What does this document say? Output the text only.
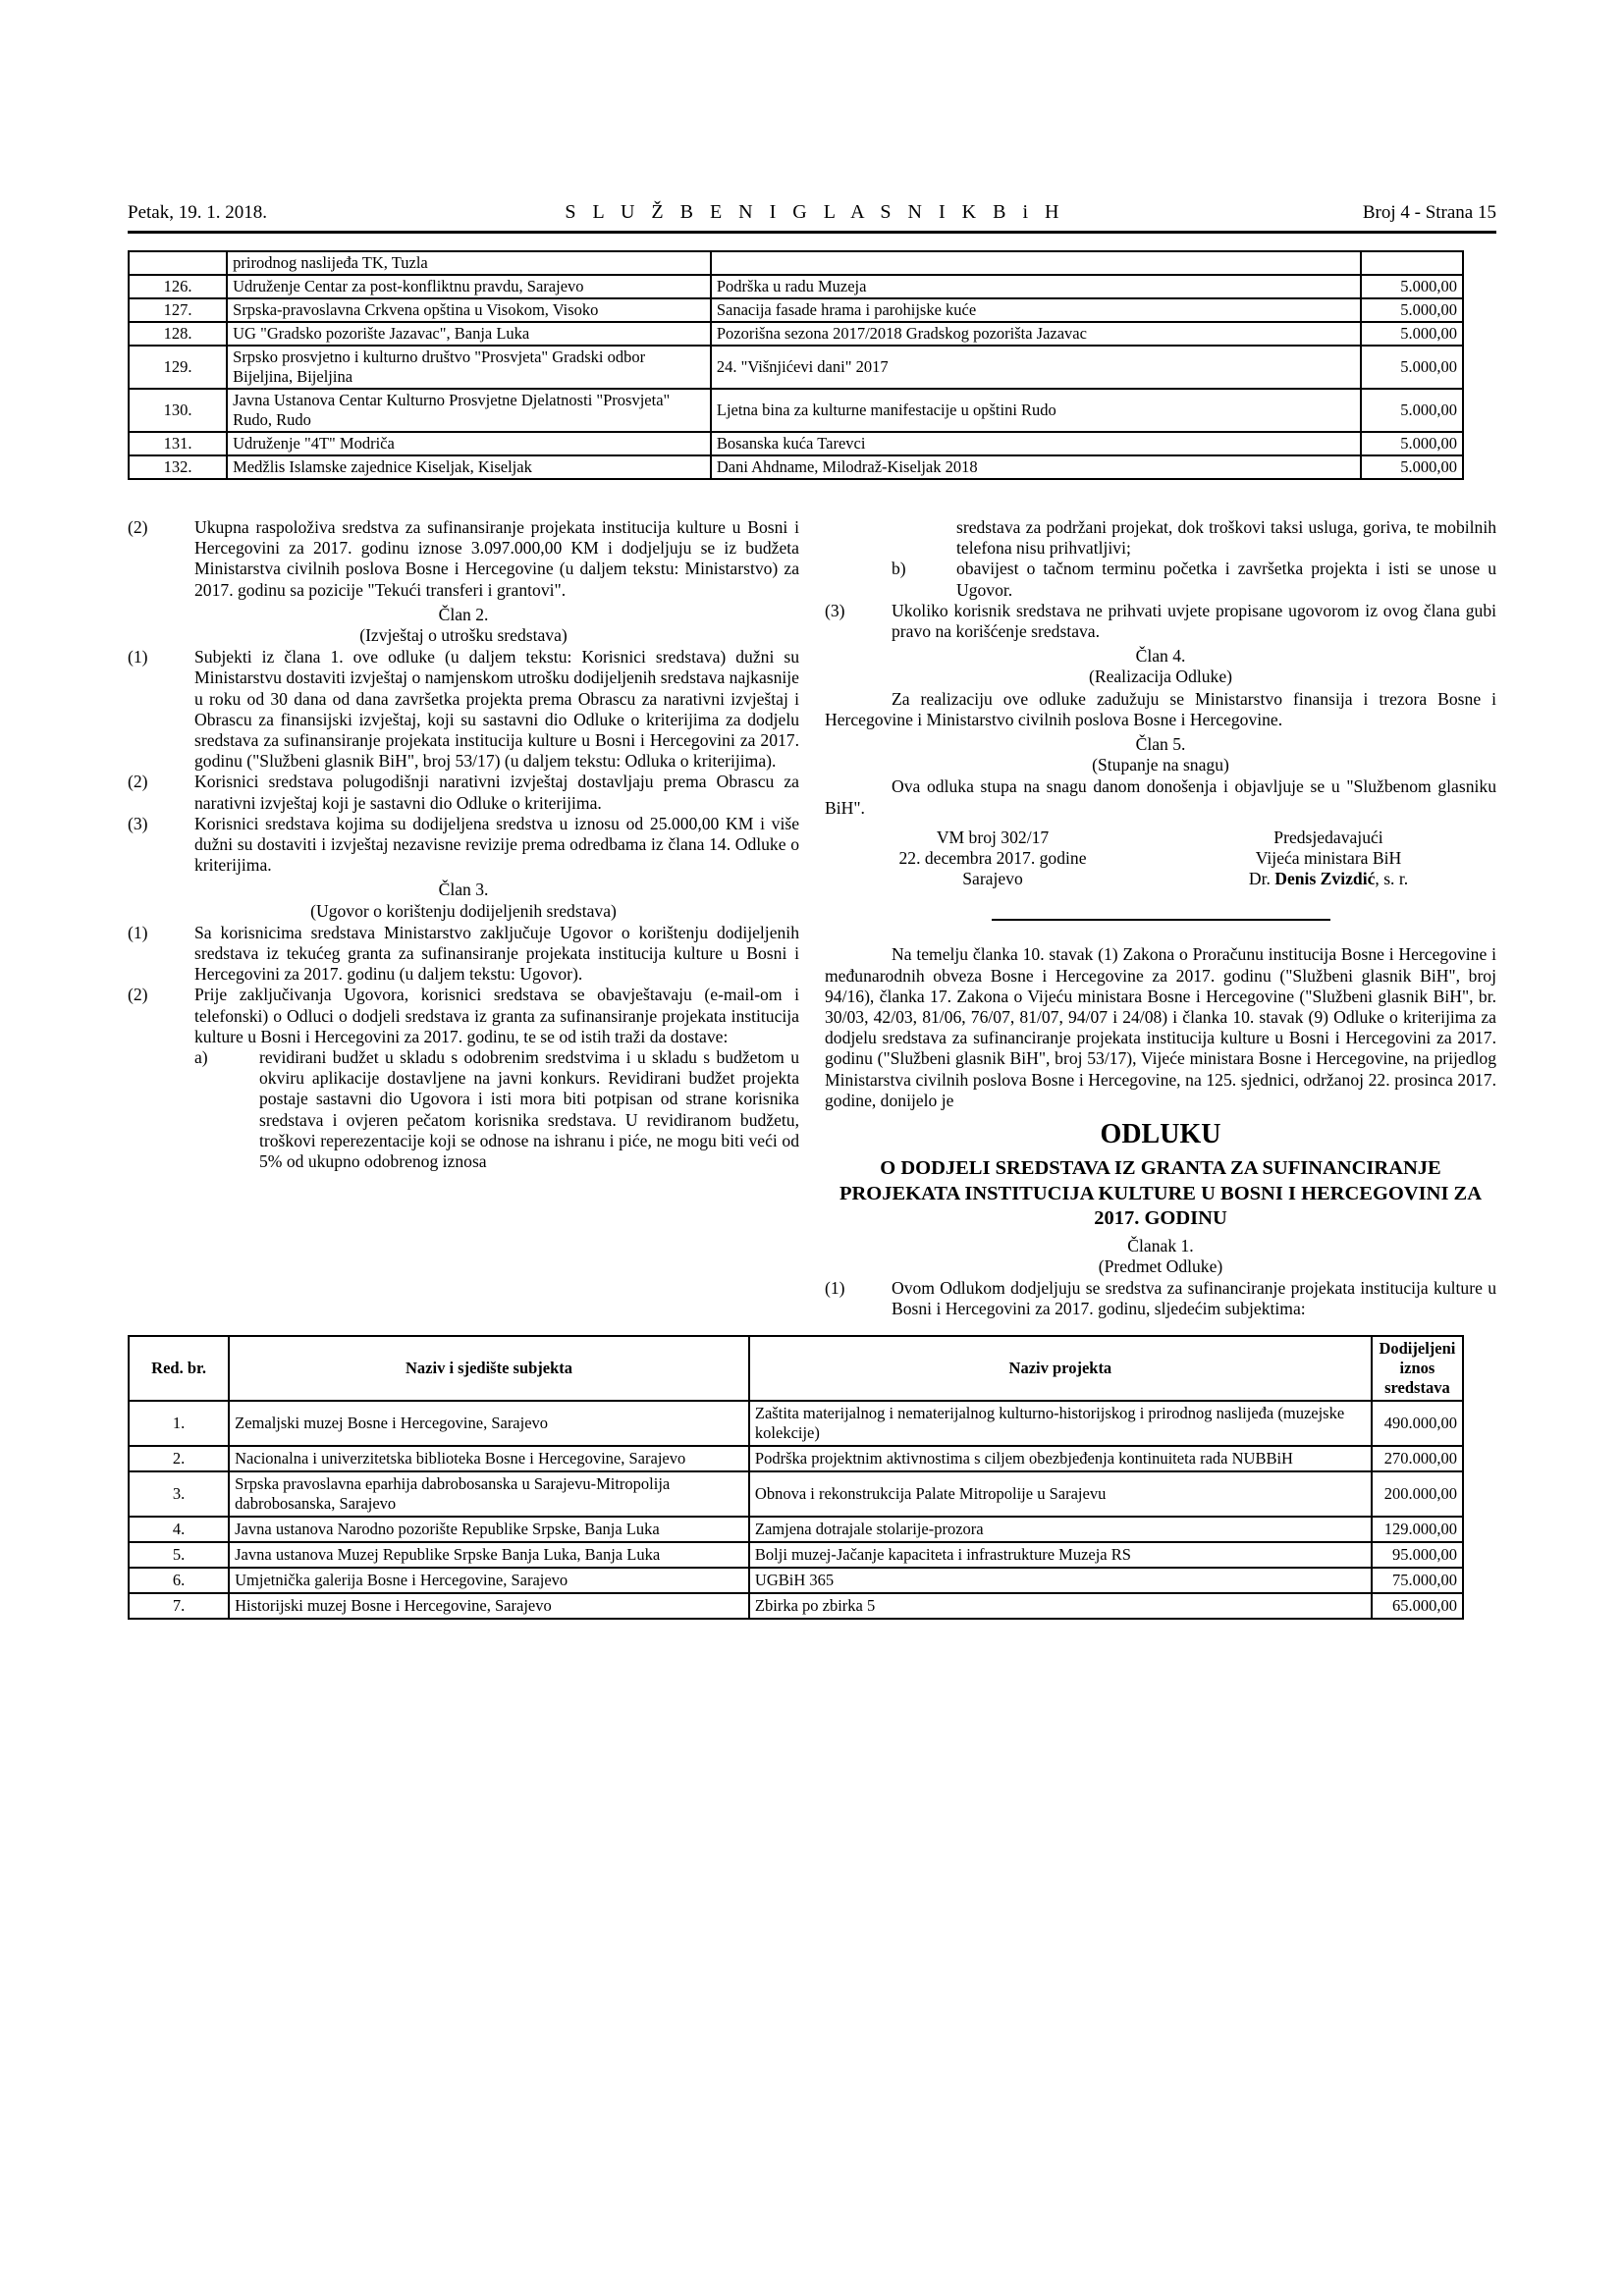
Petak, 19. 1. 2018.	S L U Ž B E N I G L A S N I K B i H	Broj 4 - Strana 15
	prirodnog naslijeđa TK, Tuzla		
126.	Udruženje Centar za post-konfliktnu pravdu, Sarajevo	Podrška u radu Muzeja	5.000,00
127.	Srpska-pravoslavna Crkvena opština u Visokom, Visoko	Sanacija fasade hrama i parohijske kuće	5.000,00
128.	UG "Gradsko pozorište Jazavac", Banja Luka	Pozorišna sezona 2017/2018 Gradskog pozorišta Jazavac	5.000,00
129.	Srpsko prosvjetno i kulturno društvo "Prosvjeta" Gradski odbor Bijeljina, Bijeljina	24. "Višnjićevi dani" 2017	5.000,00
130.	Javna Ustanova Centar Kulturno Prosvjetne Djelatnosti "Prosvjeta" Rudo, Rudo	Ljetna bina za kulturne manifestacije u opštini Rudo	5.000,00
131.	Udruženje "4T" Modriča	Bosanska kuća Tarevci	5.000,00
132.	Medžlis Islamske zajednice Kiseljak, Kiseljak	Dani Ahdname, Milodraž-Kiseljak 2018	5.000,00
(2)	Ukupna raspoloživa sredstva za sufinansiranje projekata institucija kulture u Bosni i Hercegovini za 2017. godinu iznose 3.097.000,00 KM i dodjeljuju se iz budžeta Ministarstva civilnih poslova Bosne i Hercegovine (u daljem tekstu: Ministarstvo) za 2017. godinu sa pozicije "Tekući transferi i grantovi".
Član 2.
(Izvještaj o utrošku sredstava)
(1)	Subjekti iz člana 1. ove odluke (u daljem tekstu: Korisnici sredstava) dužni su Ministarstvu dostaviti izvještaj o namjenskom utrošku dodijeljenih sredstava najkasnije u roku od 30 dana od dana završetka projekta prema Obrascu za narativni izvještaj i Obrascu za finansijski izvještaj, koji su sastavni dio Odluke o kriterijima za dodjelu sredstava za sufinansiranje projekata institucija kulture u Bosni i Hercegovini za 2017. godinu ("Službeni glasnik BiH", broj 53/17) (u daljem tekstu: Odluka o kriterijima).
(2)	Korisnici sredstava polugodišnji narativni izvještaj dostavljaju prema Obrascu za narativni izvještaj koji je sastavni dio Odluke o kriterijima.
(3)	Korisnici sredstava kojima su dodijeljena sredstva u iznosu od 25.000,00 KM i više dužni su dostaviti i izvještaj nezavisne revizije prema odredbama iz člana 14. Odluke o kriterijima.
Član 3.
(Ugovor o korištenju dodijeljenih sredstava)
(1)	Sa korisnicima sredstava Ministarstvo zaključuje Ugovor o korištenju dodijeljenih sredstava iz tekućeg granta za sufinansiranje projekata institucija kulture u Bosni i Hercegovini za 2017. godinu (u daljem tekstu: Ugovor).
(2)	Prije zaključivanja Ugovora, korisnici sredstava se obavještavaju (e-mail-om i telefonski) o Odluci o dodjeli sredstava iz granta za sufinansiranje projekata institucija kulture u Bosni i Hercegovini za 2017. godinu, te se od istih traži da dostave:
a)	revidirani budžet u skladu s odobrenim sredstvima i u skladu s budžetom u okviru aplikacije dostavljene na javni konkurs. Revidirani budžet projekta postaje sastavni dio Ugovora i isti mora biti potpisan od strane korisnika sredstava i ovjeren pečatom korisnika sredstava. U revidiranom budžetu, troškovi reperezentacije koji se odnose na ishranu i piće, ne mogu biti veći od 5% od ukupno odobrenog iznosa
sredstava za podržani projekat, dok troškovi taksi usluga, goriva, te mobilnih telefona nisu prihvatljivi;
b)	obavijest o tačnom terminu početka i završetka projekta i isti se unose u Ugovor.
(3)	Ukoliko korisnik sredstava ne prihvati uvjete propisane ugovorom iz ovog člana gubi pravo na korišćenje sredstava.
Član 4.
(Realizacija Odluke)
Za realizaciju ove odluke zadužuju se Ministarstvo finansija i trezora Bosne i Hercegovine i Ministarstvo civilnih poslova Bosne i Hercegovine.
Član 5.
(Stupanje na snagu)
Ova odluka stupa na snagu danom donošenja i objavljuje se u "Službenom glasniku BiH".
VM broj 302/17
22. decembra 2017. godine
Sarajevo
Predsjedavajući
Vijeća ministara BiH
Dr. Denis Zvizdić, s. r.
Na temelju članka 10. stavak (1) Zakona o Proračunu institucija Bosne i Hercegovine i međunarodnih obveza Bosne i Hercegovine za 2017. godinu ("Službeni glasnik BiH", broj 94/16), članka 17. Zakona o Vijeću ministara Bosne i Hercegovine ("Službeni glasnik BiH", br. 30/03, 42/03, 81/06, 76/07, 81/07, 94/07 i 24/08) i članka 10. stavak (9) Odluke o kriterijima za dodjelu sredstava za sufinanciranje projekata institucija kulture u Bosni i Hercegovini za 2017. godinu ("Službeni glasnik BiH", broj 53/17), Vijeće ministara Bosne i Hercegovine, na prijedlog Ministarstva civilnih poslova Bosne i Hercegovine, na 125. sjednici, održanoj 22. prosinca 2017. godine, donijelo je
ODLUKU
O DODJELI SREDSTAVA IZ GRANTA ZA SUFINANCIRANJE PROJEKATA INSTITUCIJA KULTURE U BOSNI I HERCEGOVINI ZA 2017. GODINU
Članak 1.
(Predmet Odluke)
(1)	Ovom Odlukom dodjeljuju se sredstva za sufinanciranje projekata institucija kulture u Bosni i Hercegovini za 2017. godinu, sljedećim subjektima:
Red. br.	Naziv i sjedište subjekta	Naziv projekta	Dodijeljeni iznos sredstava
1.	Zemaljski muzej Bosne i Hercegovine, Sarajevo	Zaštita materijalnog i nematerijalnog kulturno-historijskog i prirodnog naslijeđa (muzejske kolekcije)	490.000,00
2.	Nacionalna i univerzitetska biblioteka Bosne i Hercegovine, Sarajevo	Podrška projektnim aktivnostima s ciljem obezbjeđenja kontinuiteta rada NUBBiH	270.000,00
3.	Srpska pravoslavna eparhija dabrobosanska u Sarajevu-Mitropolija dabrobosanska, Sarajevo	Obnova i rekonstrukcija Palate Mitropolije u Sarajevu	200.000,00
4.	Javna ustanova Narodno pozorište Republike Srpske, Banja Luka	Zamjena dotrajale stolarije-prozora	129.000,00
5.	Javna ustanova Muzej Republike Srpske Banja Luka, Banja Luka	Bolji muzej-Jačanje kapaciteta i infrastrukture Muzeja RS	95.000,00
6.	Umjetnička galerija Bosne i Hercegovine, Sarajevo	UGBiH 365	75.000,00
7.	Historijski muzej Bosne i Hercegovine, Sarajevo	Zbirka po zbirka 5	65.000,00
